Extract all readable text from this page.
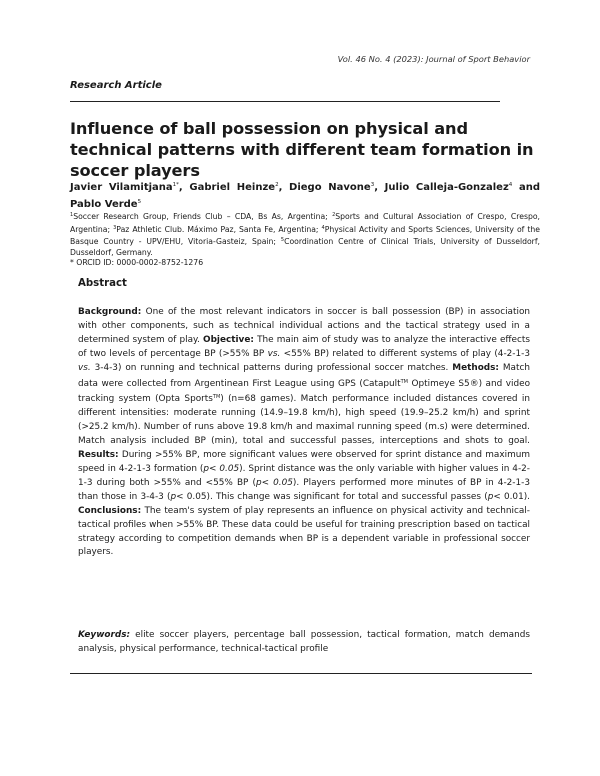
Vol. 46 No. 4 (2023): Journal of Sport Behavior
Research Article
Influence of ball possession on physical and technical patterns with different team formation in soccer players
Javier Vilamitjana$^{1*}$, Gabriel Heinze$^2$, Diego Navone$^3$, Julio Calleja-Gonzalez$^4$ and Pablo Verde$^5$
$^1$Soccer Research Group, Friends Club – CDA, Bs As, Argentina; $^2$Sports and Cultural Association of Crespo, Crespo, Argentina; $^3$Paz Athletic Club. Máximo Paz, Santa Fe, Argentina; $^4$Physical Activity and Sports Sciences, University of the Basque Country - UPV/EHU, Vitoria-Gasteiz, Spain; $^5$Coordination Centre of Clinical Trials, University of Dusseldorf, Dusseldorf, Germany.
* ORCID ID: 0000-0002-8752-1276
Abstract
Background: One of the most relevant indicators in soccer is ball possession (BP) in association with other components, such as technical individual actions and the tactical strategy used in a determined system of play. Objective: The main aim of study was to analyze the interactive effects of two levels of percentage BP (>55% BP vs. <55% BP) related to different systems of play (4-2-1-3 vs. 3-4-3) on running and technical patterns during professional soccer matches. Methods: Match data were collected from Argentinean First League using GPS (Catapult™ Optimeye S5®) and video tracking system (Opta Sports™) (n=68 games). Match performance included distances covered in different intensities: moderate running (14.9–19.8 km/h), high speed (19.9–25.2 km/h) and sprint (>25.2 km/h). Number of runs above 19.8 km/h and maximal running speed (m.s) were determined. Match analysis included BP (min), total and successful passes, interceptions and shots to goal. Results: During >55% BP, more significant values were observed for sprint distance and maximum speed in 4-2-1-3 formation (p< 0.05). Sprint distance was the only variable with higher values in 4-2-1-3 during both >55% and <55% BP (p< 0.05). Players performed more minutes of BP in 4-2-1-3 than those in 3-4-3 (p< 0.05). This change was significant for total and successful passes (p< 0.01). Conclusions: The team's system of play represents an influence on physical activity and technical-tactical profiles when >55% BP. These data could be useful for training prescription based on tactical strategy according to competition demands when BP is a dependent variable in professional soccer players.
Keywords: elite soccer players, percentage ball possession, tactical formation, match demands analysis, physical performance, technical-tactical profile
